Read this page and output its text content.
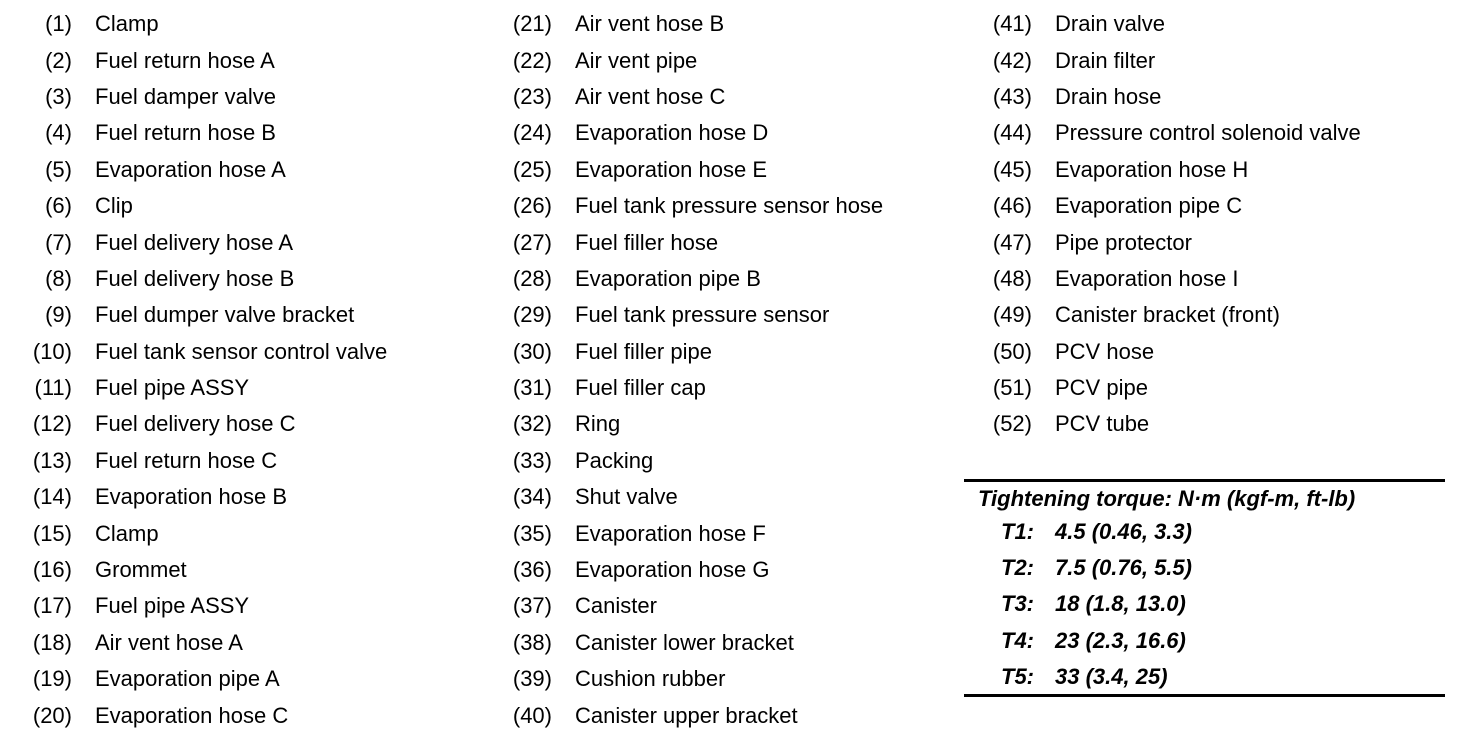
(1) Clamp
(2) Fuel return hose A
(3) Fuel damper valve
(4) Fuel return hose B
(5) Evaporation hose A
(6) Clip
(7) Fuel delivery hose A
(8) Fuel delivery hose B
(9) Fuel dumper valve bracket
(10) Fuel tank sensor control valve
(11) Fuel pipe ASSY
(12) Fuel delivery hose C
(13) Fuel return hose C
(14) Evaporation hose B
(15) Clamp
(16) Grommet
(17) Fuel pipe ASSY
(18) Air vent hose A
(19) Evaporation pipe A
(20) Evaporation hose C
(21) Air vent hose B
(22) Air vent pipe
(23) Air vent hose C
(24) Evaporation hose D
(25) Evaporation hose E
(26) Fuel tank pressure sensor hose
(27) Fuel filler hose
(28) Evaporation pipe B
(29) Fuel tank pressure sensor
(30) Fuel filler pipe
(31) Fuel filler cap
(32) Ring
(33) Packing
(34) Shut valve
(35) Evaporation hose F
(36) Evaporation hose G
(37) Canister
(38) Canister lower bracket
(39) Cushion rubber
(40) Canister upper bracket
(41) Drain valve
(42) Drain filter
(43) Drain hose
(44) Pressure control solenoid valve
(45) Evaporation hose H
(46) Evaporation pipe C
(47) Pipe protector
(48) Evaporation hose I
(49) Canister bracket (front)
(50) PCV hose
(51) PCV pipe
(52) PCV tube
Tightening torque: N·m (kgf-m, ft-lb)
T1: 4.5 (0.46, 3.3)
T2: 7.5 (0.76, 5.5)
T3: 18 (1.8, 13.0)
T4: 23 (2.3, 16.6)
T5: 33 (3.4, 25)
